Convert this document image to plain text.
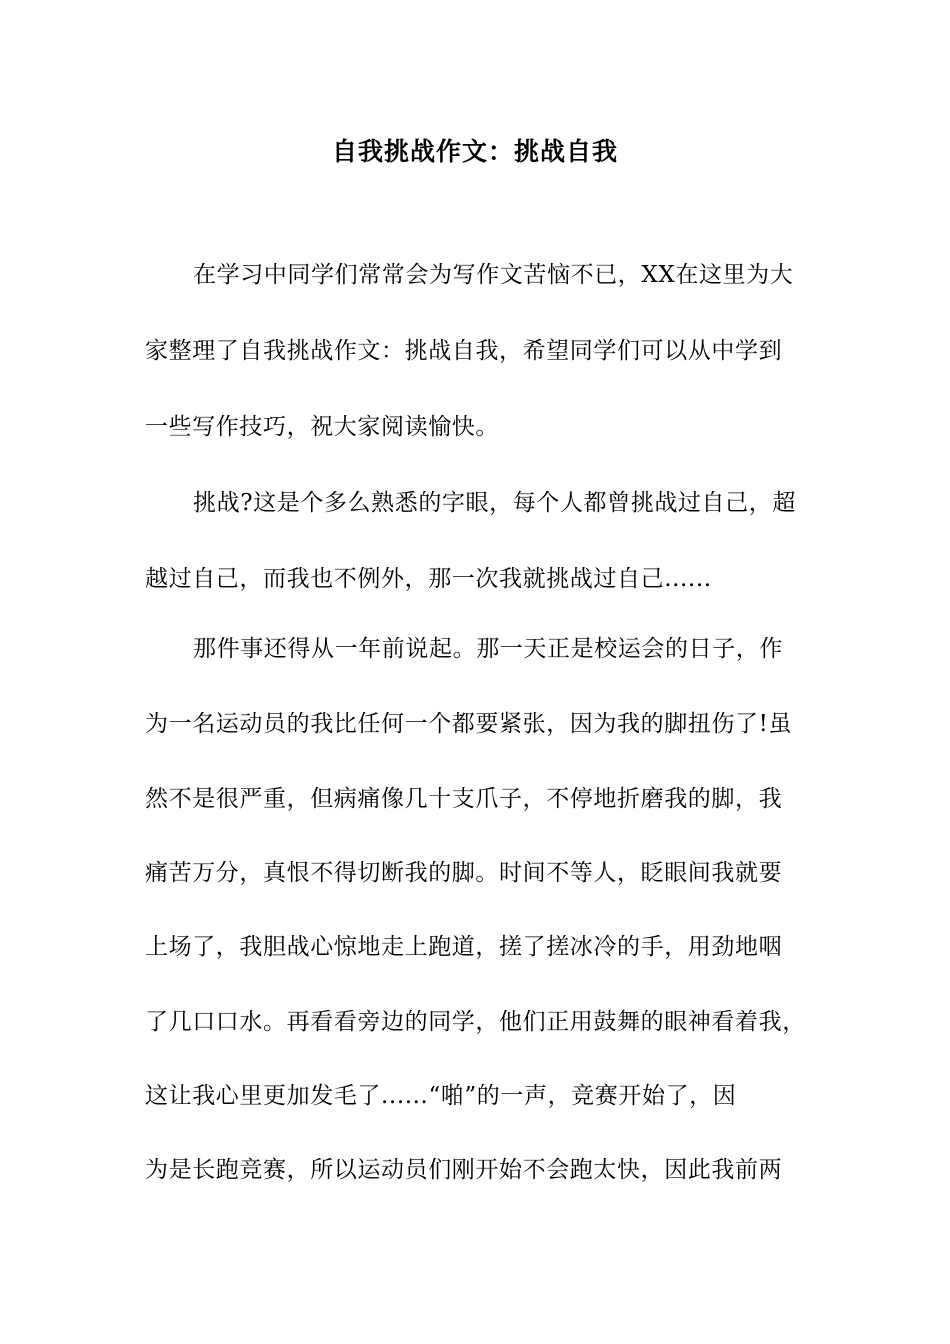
自我挑战作文：挑战自我
在学习中同学们常常会为写作文苦恼不已，XX在这里为大
家整理了自我挑战作文：挑战自我，希望同学们可以从中学到
一些写作技巧，祝大家阅读愉快。
挑战?这是个多么熟悉的字眼，每个人都曾挑战过自己，超
越过自己，而我也不例外，那一次我就挑战过自己......
那件事还得从一年前说起。那一天正是校运会的日子，作
为一名运动员的我比任何一个都要紧张，因为我的脚扭伤了!虽
然不是很严重，但病痛像几十支爪子，不停地折磨我的脚，我
痛苦万分，真恨不得切断我的脚。时间不等人，眨眼间我就要
上场了，我胆战心惊地走上跑道，搓了搓冰冷的手，用劲地咽
了几口口水。再看看旁边的同学，他们正用鼓舞的眼神看着我，
这让我心里更加发毛了......“啪”的一声，竞赛开始了，因
为是长跑竞赛，所以运动员们刚开始不会跑太快，因此我前两
